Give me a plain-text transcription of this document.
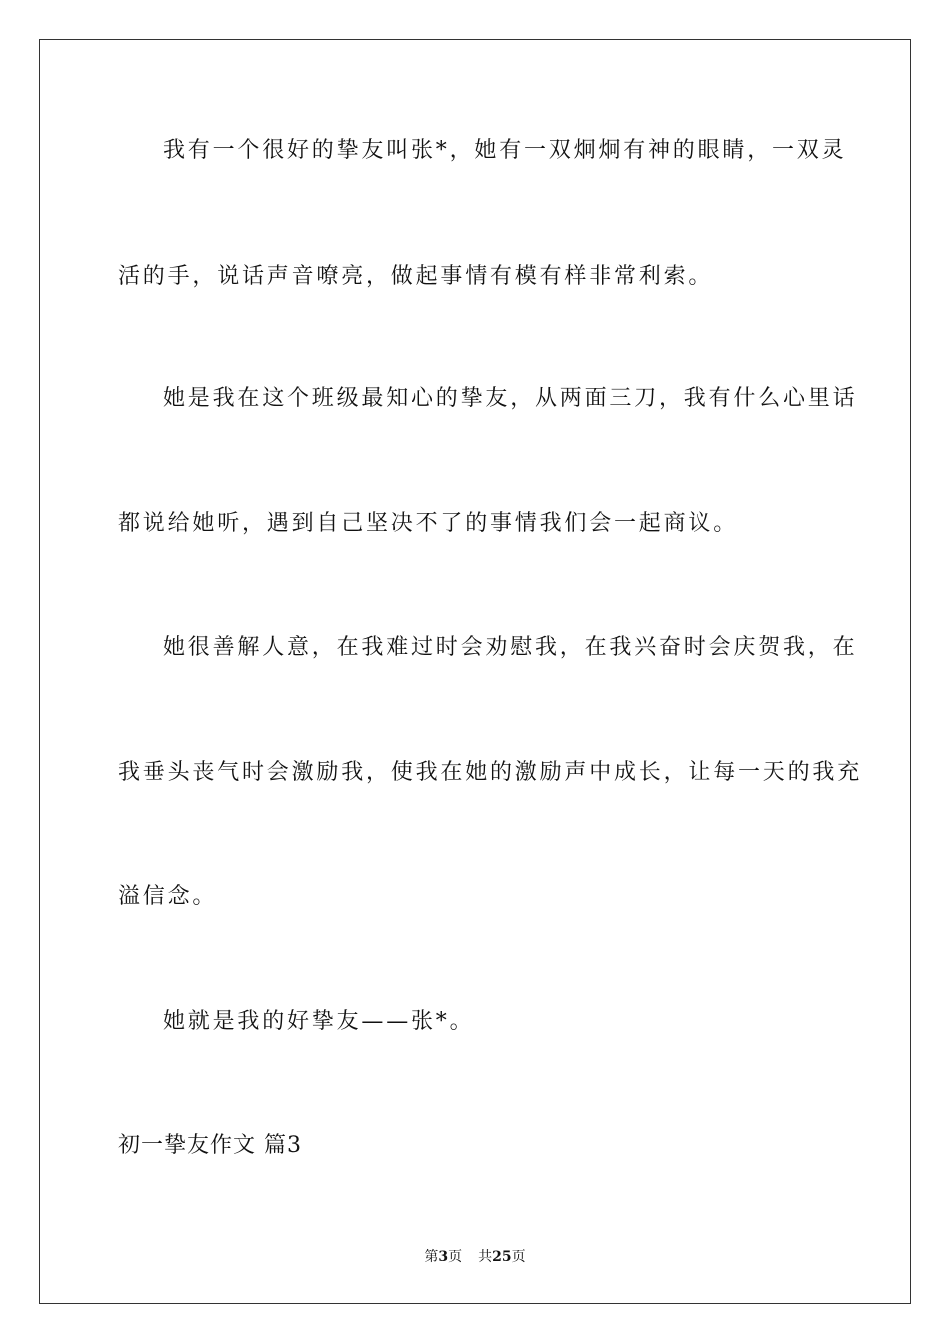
我有一个很好的挚友叫张*，她有一双炯炯有神的眼睛，一双灵
活的手，说话声音嘹亮，做起事情有模有样非常利索。
她是我在这个班级最知心的挚友，从两面三刀，我有什么心里话
都说给她听，遇到自己坚决不了的事情我们会一起商议。
她很善解人意，在我难过时会劝慰我，在我兴奋时会庆贺我，在
我垂头丧气时会激励我，使我在她的激励声中成长，让每一天的我充
溢信念。
她就是我的好挚友——张*。
初一挚友作文 篇3
第3页 共25页
